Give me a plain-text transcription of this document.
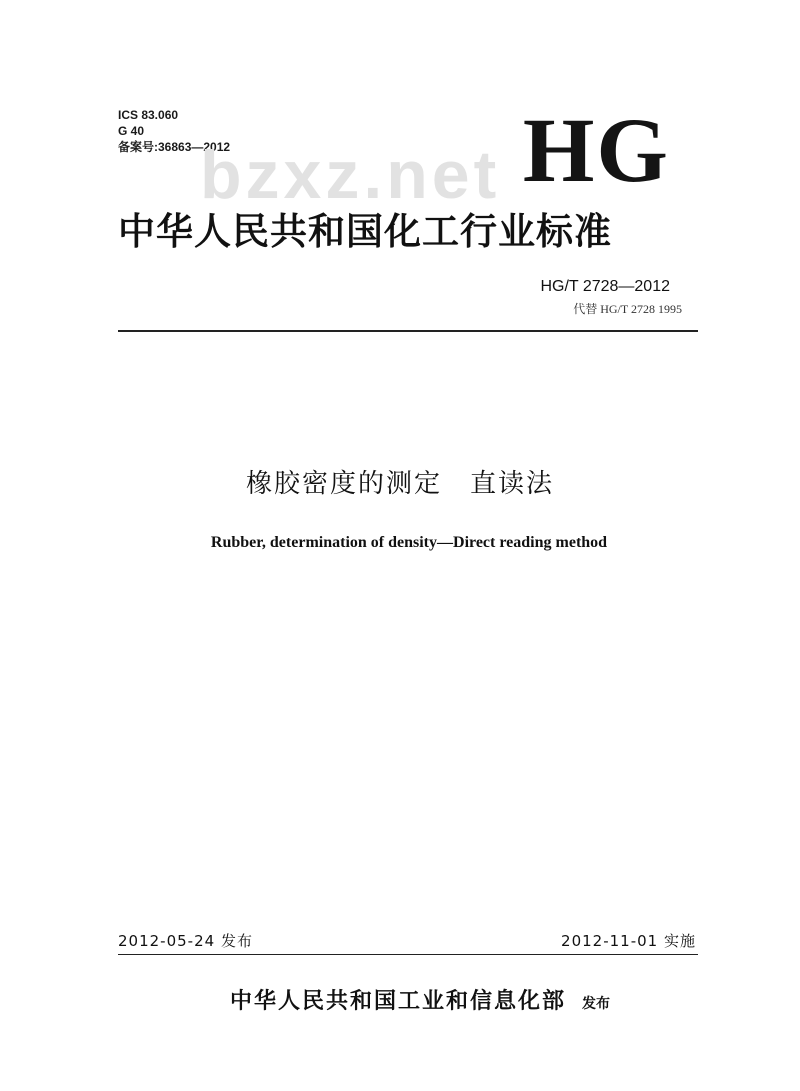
ICS 83.060
G 40
备案号:36863—2012
bzxz.net HG
中华人民共和国化工行业标准
HG/T 2728—2012
代替 HG/T 2728 1995
橡胶密度的测定　直读法
Rubber, determination of density—Direct reading method
2012-05-24 发布	2012-11-01 实施
中华人民共和国工业和信息化部 发布
